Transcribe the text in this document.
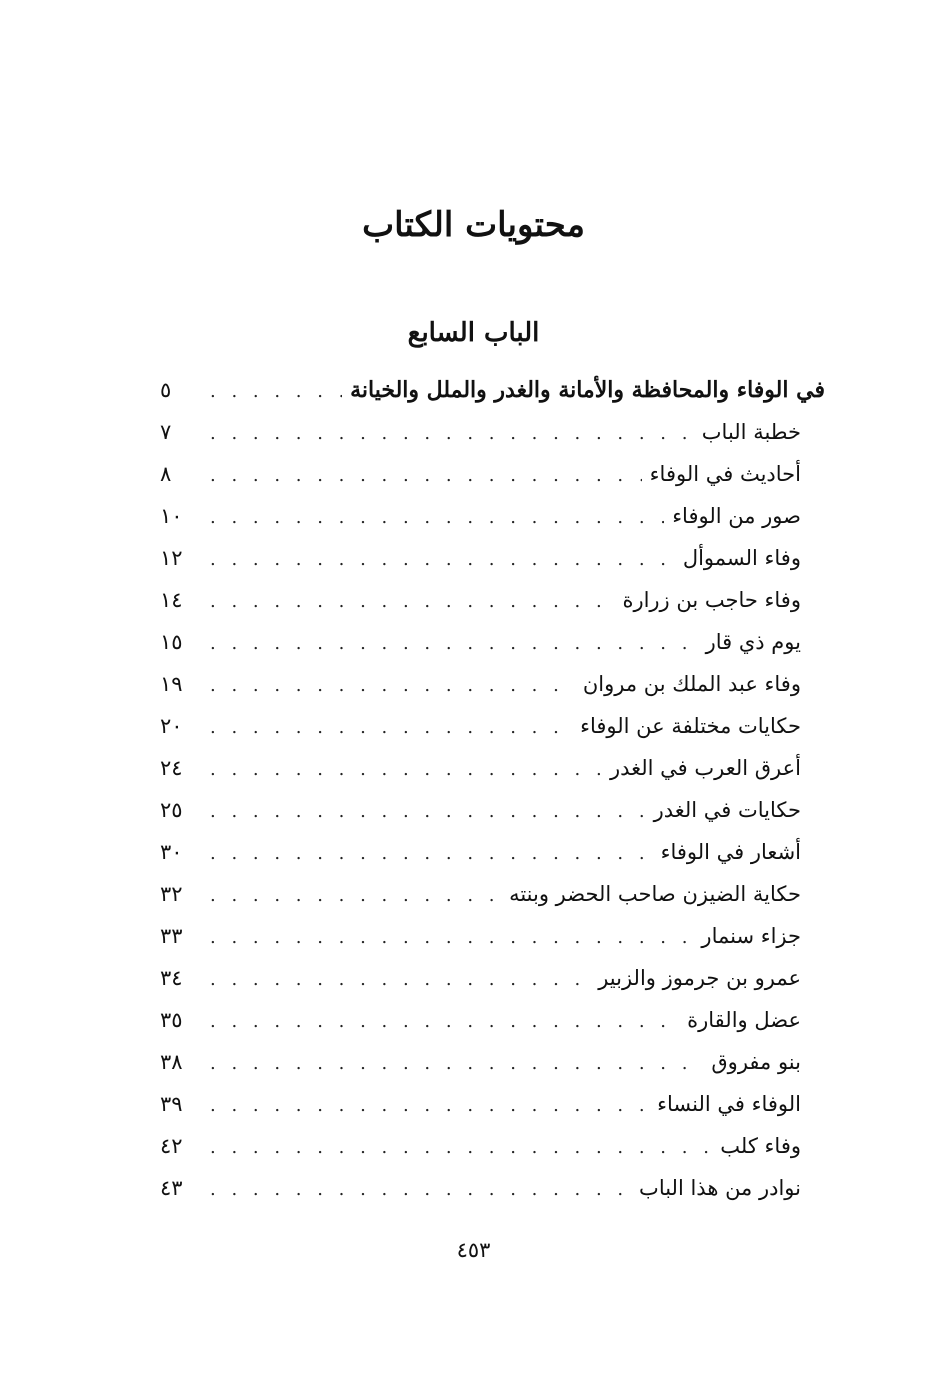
محتويات الكتاب
الباب السابع
في الوفاء والمحافظة والأمانة والغدر والملل والخيانة
. . .
٥
خطبة الباب
. . .
٧
أحاديث في الوفاء
. . .
٨
صور من الوفاء
. . .
١٠
وفاء السموأل
. . .
١٢
وفاء حاجب بن زرارة
. . .
١٤
يوم ذي قار
. . .
١٥
وفاء عبد الملك بن مروان
. . .
١٩
حكايات مختلفة عن الوفاء
. . .
٢٠
أعرق العرب في الغدر
. . .
٢٤
حكايات في الغدر
. . .
٢٥
أشعار في الوفاء
. . .
٣٠
حكاية الضيزن صاحب الحضر وبنته
. . .
٣٢
جزاء سنمار
. . .
٣٣
عمرو بن جرموز والزبير
. . .
٣٤
عضل والقارة
. . .
٣٥
بنو مفروق
. . .
٣٨
الوفاء في النساء
. . .
٣٩
وفاء كلب
. . .
٤٢
نوادر من هذا الباب
. . .
٤٣
٤٥٣
